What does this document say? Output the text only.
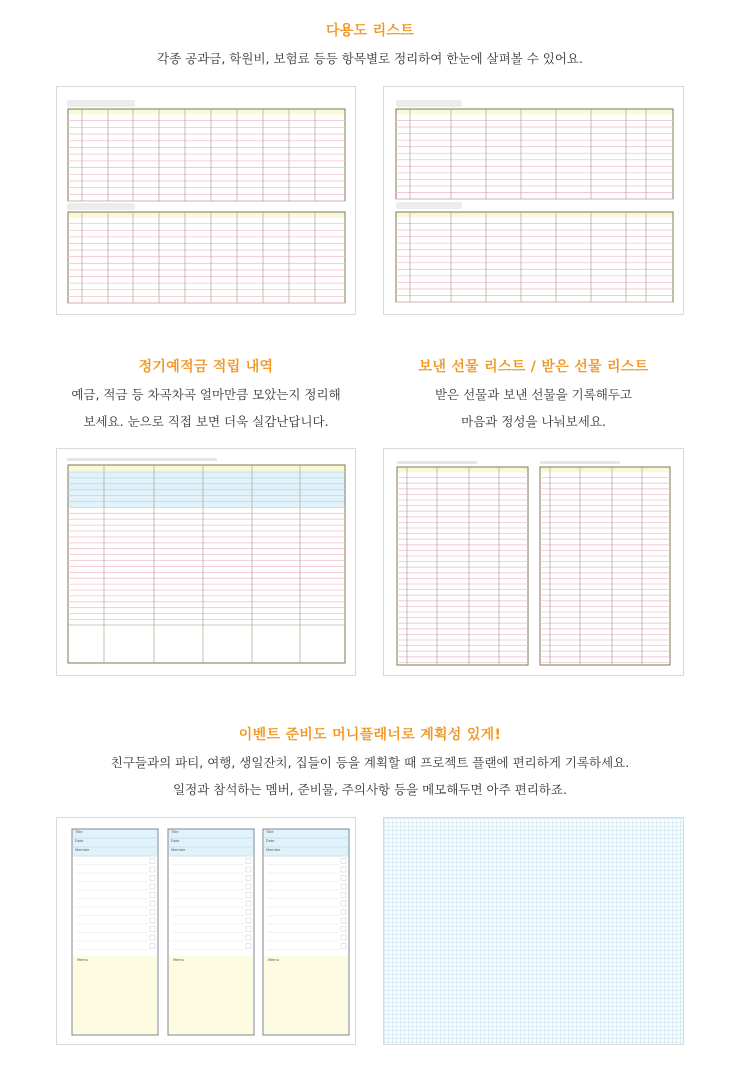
다용도 리스트
각종 공과금, 학원비, 보험료 등등 항목별로 정리하여 한눈에 살펴볼 수 있어요.
정기예적금 적립 내역
예금, 적금 등 차곡차곡 얼마만큼 모았는지 정리해
보세요. 눈으로 직접 보면 더욱 실감난답니다.
보낸 선물 리스트 / 받은 선물 리스트
받은 선물과 보낸 선물을 기록해두고
마음과 정성을 나눠보세요.
이벤트 준비도 머니플래너로 계획성 있게!
친구들과의 파티, 여행, 생일잔치, 집들이 등을 계획할 때 프로젝트 플랜에 편리하게 기록하세요.
일정과 참석하는 멤버, 준비물, 주의사항 등을 메모해두면 아주 편리하죠.
Title
Date
Member
Memo
Title
Date
Member
Memo
Title
Date
Member
Memo
